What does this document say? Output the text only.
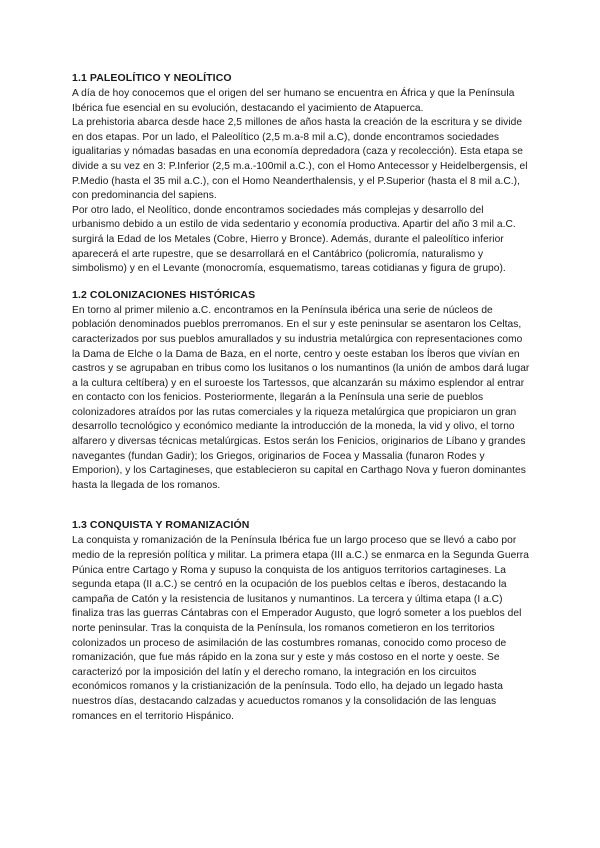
1.1 PALEOLÍTICO Y NEOLÍTICO

A día de hoy conocemos que el origen del ser humano se encuentra en África y que la Península Ibérica fue esencial en su evolución, destacando el yacimiento de Atapuerca.

La prehistoria abarca desde hace 2,5 millones de años hasta la creación de la escritura y se divide en dos etapas. Por un lado, el Paleolítico (2,5 m.a-8 mil a.C), donde encontramos sociedades igualitarias y nómadas basadas en una economía depredadora (caza y recolección). Esta etapa se divide a su vez en 3: P.Inferior (2,5 m.a.-100mil a.C.), con el Homo Antecessor y Heidelbergensis, el P.Medio (hasta el 35 mil a.C.), con el Homo Neanderthalensis, y el P.Superior (hasta el 8 mil a.C.), con predominancia del sapiens.

Por otro lado, el Neolítico, donde encontramos sociedades más complejas y desarrollo del urbanismo debido a un estilo de vida sedentario y economía productiva. Apartir del año 3 mil a.C. surgirá la Edad de los Metales (Cobre, Hierro y Bronce). Además, durante el paleolítico inferior aparecerá el arte rupestre, que se desarrollará en el Cantábrico (policromía, naturalismo y simbolismo) y en el Levante (monocromía, esquematismo, tareas cotidianas y figura de grupo).

1.2 COLONIZACIONES HISTÓRICAS

En torno al primer milenio a.C. encontramos en la Península ibérica una serie de núcleos de población denominados pueblos prerromanos. En el sur y este peninsular se asentaron los Celtas, caracterizados por sus pueblos amurallados y su industria metalúrgica con representaciones como la Dama de Elche o la Dama de Baza, en el norte, centro y oeste estaban los Íberos que vivían en castros y se agrupaban en tribus como los lusitanos o los numantinos (la unión de ambos dará lugar a la cultura celtíbera) y en el suroeste los Tartessos, que alcanzarán su máximo esplendor al entrar en contacto con los fenicios. Posteriormente, llegarán a la Península una serie de pueblos colonizadores atraídos por las rutas comerciales y la riqueza metalúrgica que propiciaron un gran desarrollo tecnológico y económico mediante la introducción de la moneda, la vid y olivo, el torno alfarero y diversas técnicas metalúrgicas. Estos serán los Fenicios, originarios de Líbano y grandes navegantes (fundan Gadir); los Griegos, originarios de Focea y Massalia (funaron Rodes y Emporion), y los Cartagineses, que establecieron su capital en Carthago Nova y fueron dominantes hasta la llegada de los romanos.

1.3 CONQUISTA Y ROMANIZACIÓN

La conquista y romanización de la Península Ibérica fue un largo proceso que se llevó a cabo por medio de la represión política y militar. La primera etapa (III a.C.) se enmarca en la Segunda Guerra Púnica entre Cartago y Roma y supuso la conquista de los antiguos territorios cartagineses. La segunda etapa (II a.C.) se centró en la ocupación de los pueblos celtas e íberos, destacando la campaña de Catón y la resistencia de lusitanos y numantinos. La tercera y última etapa (I a.C) finaliza tras las guerras Cántabras con el Emperador Augusto, que logró someter a los pueblos del norte peninsular. Tras la conquista de la Península, los romanos cometieron en los territorios colonizados un proceso de asimilación de las costumbres romanas, conocido como proceso de romanización, que fue más rápido en la zona sur y este y más costoso en el norte y oeste. Se caracterizó por la imposición del latín y el derecho romano, la integración en los circuitos económicos romanos y la cristianización de la península. Todo ello, ha dejado un legado hasta nuestros días, destacando calzadas y acueductos romanos y la consolidación de las lenguas romances en el territorio Hispánico.
